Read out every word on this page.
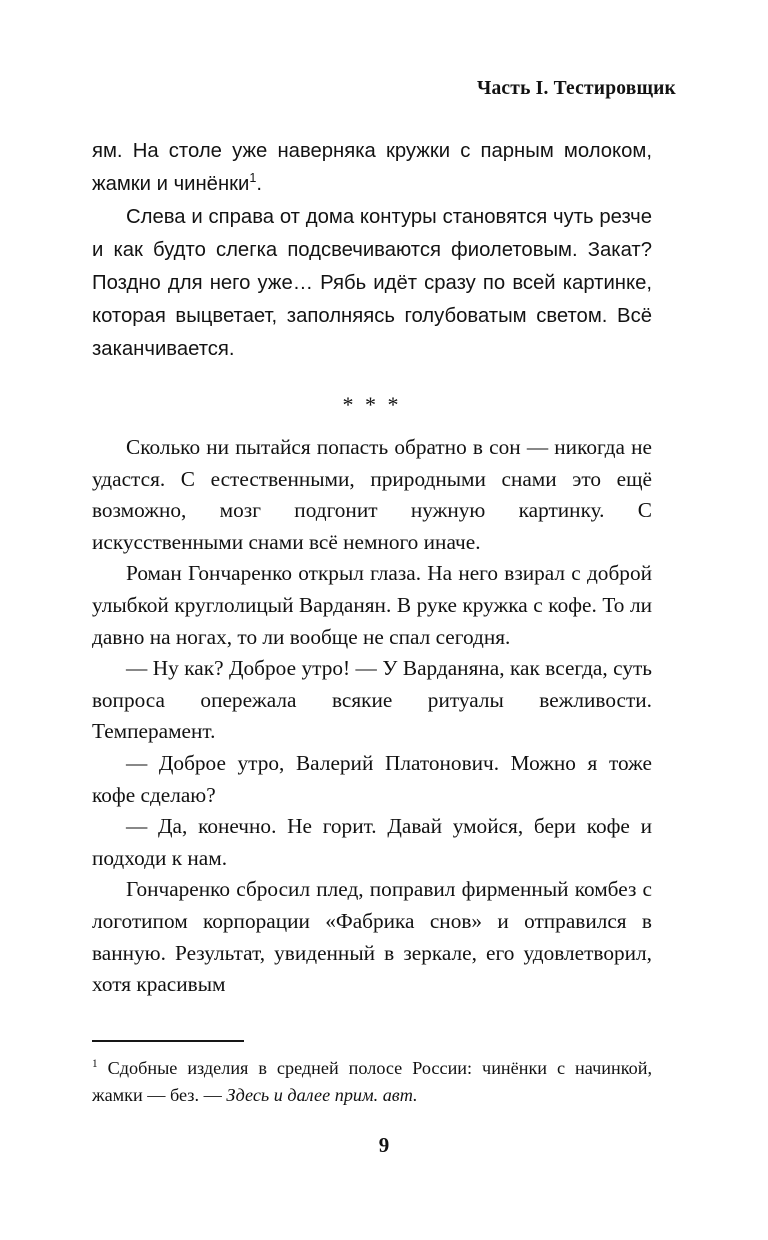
Часть I. Тестировщик

ям. На столе уже наверняка кружки с парным молоком, жамки и чинёнки$^1$.

Слева и справа от дома контуры становятся чуть резче и как будто слегка подсвечиваются фиолетовым. Закат? Поздно для него уже… Рябь идёт сразу по всей картинке, которая выцветает, заполняясь голубоватым светом. Всё заканчивается.

* * *

Сколько ни пытайся попасть обратно в сон — никогда не удастся. С естественными, природными снами это ещё возможно, мозг подгонит нужную картинку. С искусственными снами всё немного иначе.

Роман Гончаренко открыл глаза. На него взирал с доброй улыбкой круглолицый Варданян. В руке кружка с кофе. То ли давно на ногах, то ли вообще не спал сегодня.

— Ну как? Доброе утро! — У Варданяна, как всегда, суть вопроса опережала всякие ритуалы вежливости. Темперамент.

— Доброе утро, Валерий Платонович. Можно я тоже кофе сделаю?

— Да, конечно. Не горит. Давай умойся, бери кофе и подходи к нам.

Гончаренко сбросил плед, поправил фирменный комбез с логотипом корпорации «Фабрика снов» и отправился в ванную. Результат, увиденный в зеркале, его удовлетворил, хотя красивым

$^1$ Сдобные изделия в средней полосе России: чинёнки с начинкой, жамки — без. — Здесь и далее прим. авт.

9
